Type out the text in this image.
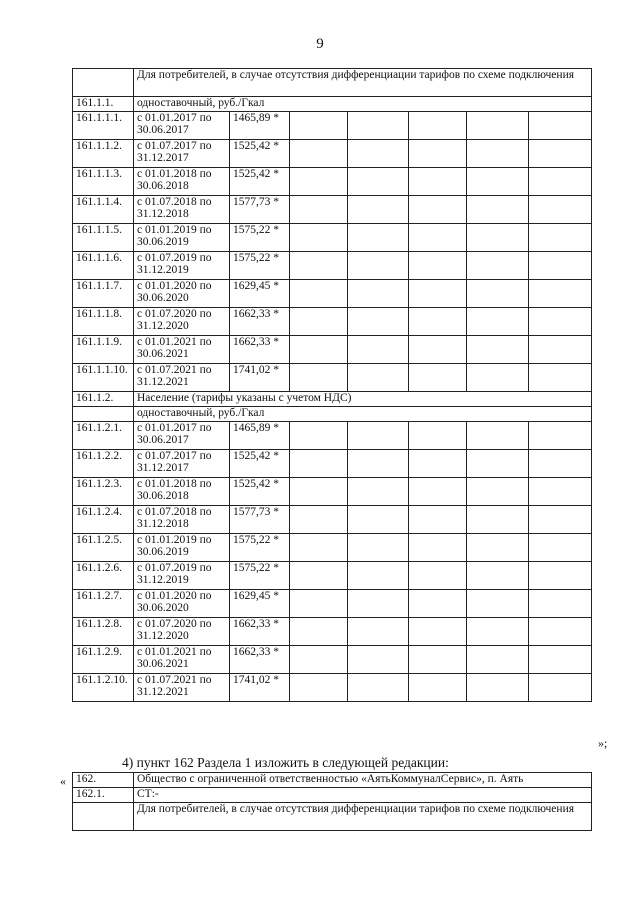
9
	Для потребителей, в случае отсутствия дифференциации тарифов по схеме подключения						
161.1.1.	одноставочный, руб./Гкал						
161.1.1.1.	с 01.01.2017 по 30.06.2017	1465,89 *					
161.1.1.2.	с 01.07.2017 по 31.12.2017	1525,42 *					
161.1.1.3.	с 01.01.2018 по 30.06.2018	1525,42 *					
161.1.1.4.	с 01.07.2018 по 31.12.2018	1577,73 *					
161.1.1.5.	с 01.01.2019 по 30.06.2019	1575,22 *					
161.1.1.6.	с 01.07.2019 по 31.12.2019	1575,22 *					
161.1.1.7.	с 01.01.2020 по 30.06.2020	1629,45 *					
161.1.1.8.	с 01.07.2020 по 31.12.2020	1662,33 *					
161.1.1.9.	с 01.01.2021 по 30.06.2021	1662,33 *					
161.1.1.10.	с 01.07.2021 по 31.12.2021	1741,02 *					
161.1.2.	Население (тарифы указаны с учетом НДС)						
	одноставочный, руб./Гкал						
161.1.2.1.	с 01.01.2017 по 30.06.2017	1465,89 *					
161.1.2.2.	с 01.07.2017 по 31.12.2017	1525,42 *					
161.1.2.3.	с 01.01.2018 по 30.06.2018	1525,42 *					
161.1.2.4.	с 01.07.2018 по 31.12.2018	1577,73 *					
161.1.2.5.	с 01.01.2019 по 30.06.2019	1575,22 *					
161.1.2.6.	с 01.07.2019 по 31.12.2019	1575,22 *					
161.1.2.7.	с 01.01.2020 по 30.06.2020	1629,45 *					
161.1.2.8.	с 01.07.2020 по 31.12.2020	1662,33 *					
161.1.2.9.	с 01.01.2021 по 30.06.2021	1662,33 *					
161.1.2.10.	с 01.07.2021 по 31.12.2021	1741,02 *					
»;
4) пункт 162 Раздела 1 изложить в следующей редакции:
« 162.	Общество с ограниченной ответственностью «АятьКоммуналСервис», п. Аять
162.1.	СТ:-
	Для потребителей, в случае отсутствия дифференциации тарифов по схеме подключения
